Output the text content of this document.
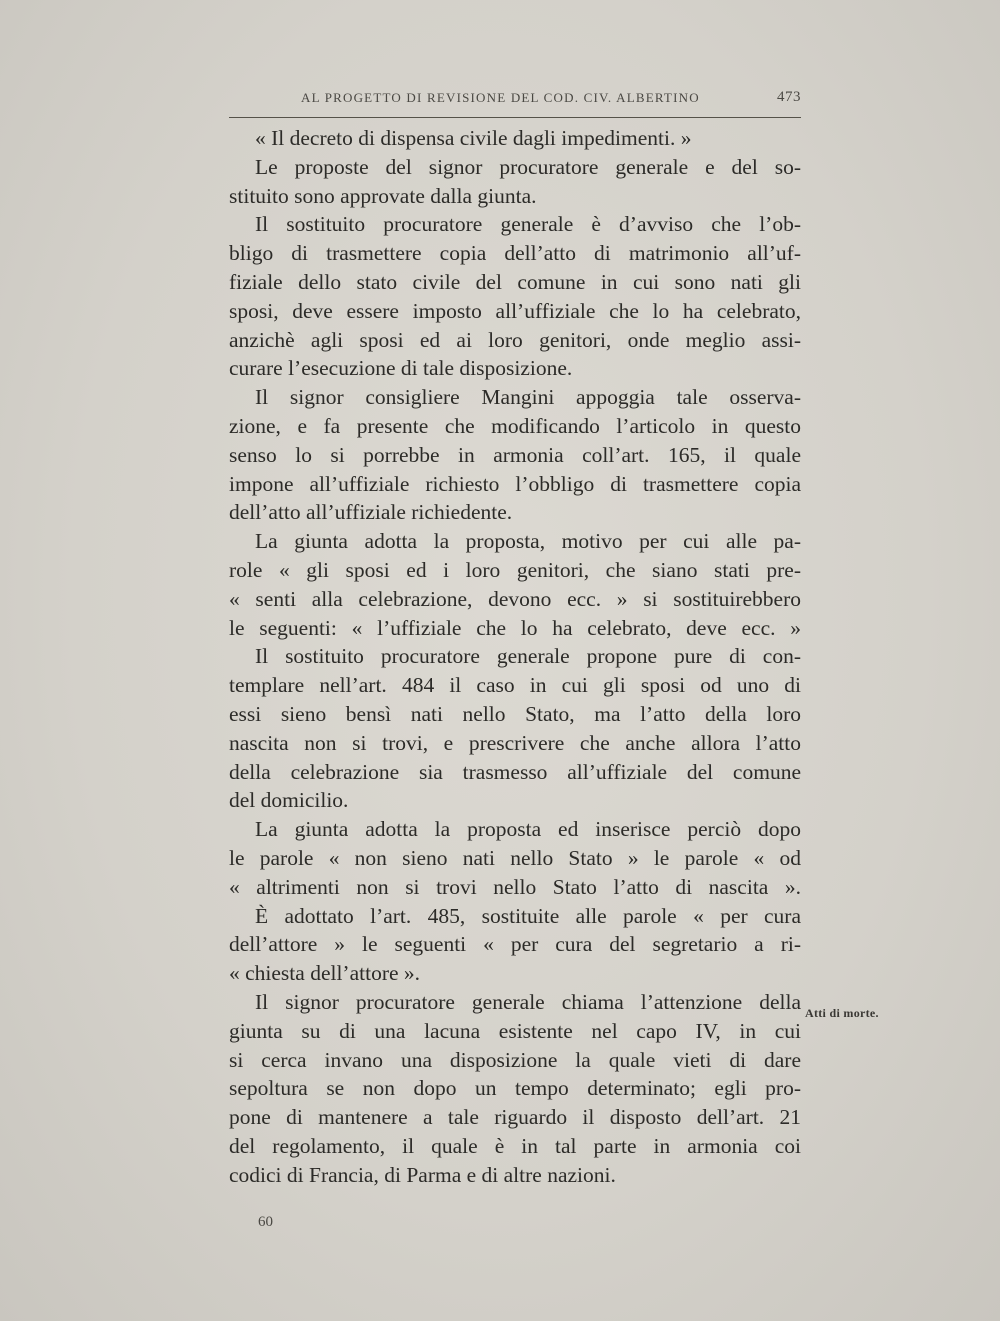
AL PROGETTO DI REVISIONE DEL COD. CIV. ALBERTINO	473
« Il decreto di dispensa civile dagli impedimenti. »
Le proposte del signor procuratore generale e del so-
stituito sono approvate dalla giunta.
Il sostituito procuratore generale è d’avviso che l’ob-
bligo di trasmettere copia dell’atto di matrimonio all’uf-
fiziale dello stato civile del comune in cui sono nati gli
sposi, deve essere imposto all’uffiziale che lo ha celebrato,
anzichè agli sposi ed ai loro genitori, onde meglio assi-
curare l’esecuzione di tale disposizione.
Il signor consigliere Mangini appoggia tale osserva-
zione, e fa presente che modificando l’articolo in questo
senso lo si porrebbe in armonia coll’art. 165, il quale
impone all’uffiziale richiesto l’obbligo di trasmettere copia
dell’atto all’uffiziale richiedente.
La giunta adotta la proposta, motivo per cui alle pa-
role « gli sposi ed i loro genitori, che siano stati pre-
« senti alla celebrazione, devono ecc. » si sostituirebbero
le seguenti: « l’uffiziale che lo ha celebrato, deve ecc. »
Il sostituito procuratore generale propone pure di con-
templare nell’art. 484 il caso in cui gli sposi od uno di
essi sieno bensì nati nello Stato, ma l’atto della loro
nascita non si trovi, e prescrivere che anche allora l’atto
della celebrazione sia trasmesso all’uffiziale del comune
del domicilio.
La giunta adotta la proposta ed inserisce perciò dopo
le parole « non sieno nati nello Stato » le parole « od
« altrimenti non si trovi nello Stato l’atto di nascita ».
È adottato l’art. 485, sostituite alle parole « per cura
dell’attore » le seguenti « per cura del segretario a ri-
« chiesta dell’attore ».
Il signor procuratore generale chiama l’attenzione della
giunta su di una lacuna esistente nel capo IV, in cui
si cerca invano una disposizione la quale vieti di dare
sepoltura se non dopo un tempo determinato; egli pro-
pone di mantenere a tale riguardo il disposto dell’art. 21
del regolamento, il quale è in tal parte in armonia coi
codici di Francia, di Parma e di altre nazioni.
Atti di morte.
60
